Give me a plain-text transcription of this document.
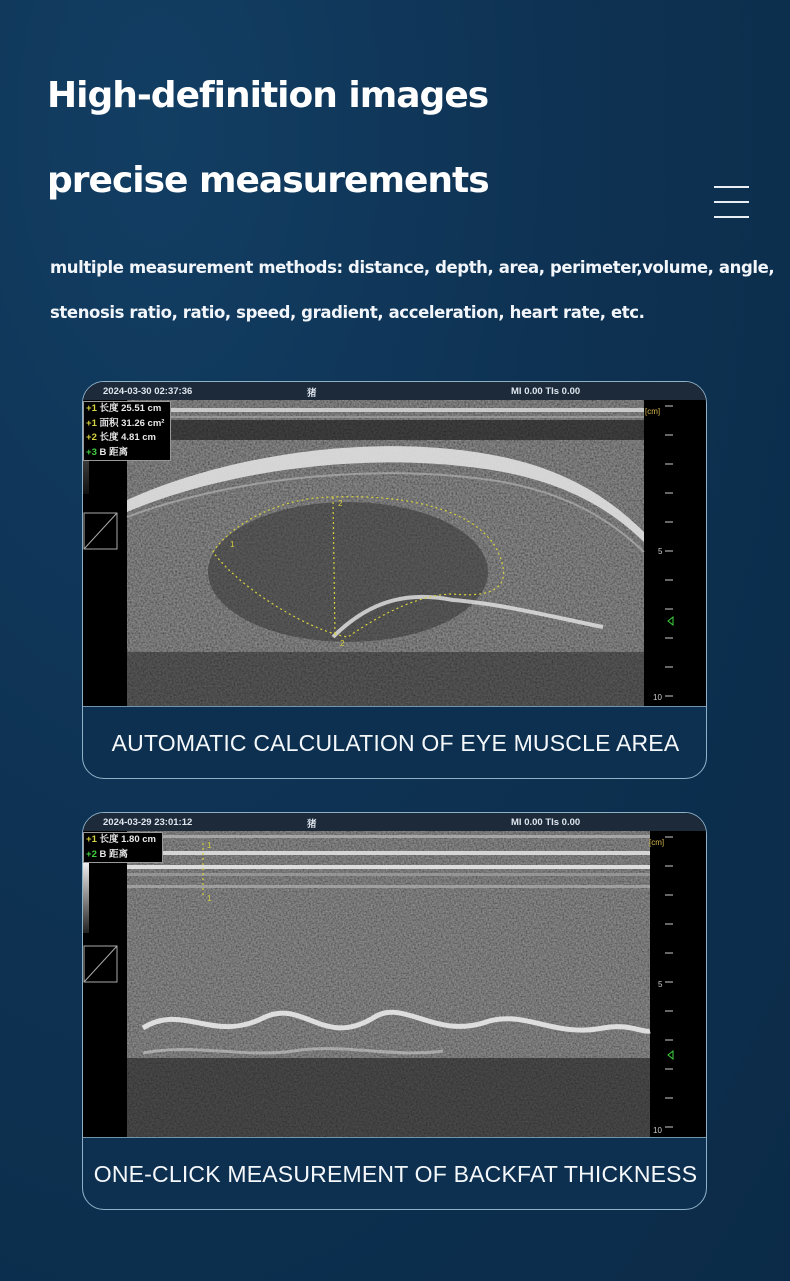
High-definition images
precise measurements
multiple measurement methods: distance, depth, area, perimeter,volume, angle,
stenosis ratio, ratio, speed, gradient, acceleration, heart rate, etc.
1
2
2
[cm]
5
10
2024-03-30 02:37:36	猪	MI 0.00 TIs 0.00
+1 长度 25.51 cm
+1 面积 31.26 cm²
+2 长度 4.81 cm
+3 B 距离
AUTOMATIC CALCULATION OF EYE MUSCLE AREA
1
1
[cm]
5
10
2024-03-29 23:01:12	猪	MI 0.00 TIs 0.00
+1 长度 1.80 cm
+2 B 距离
ONE-CLICK MEASUREMENT OF BACKFAT THICKNESS
